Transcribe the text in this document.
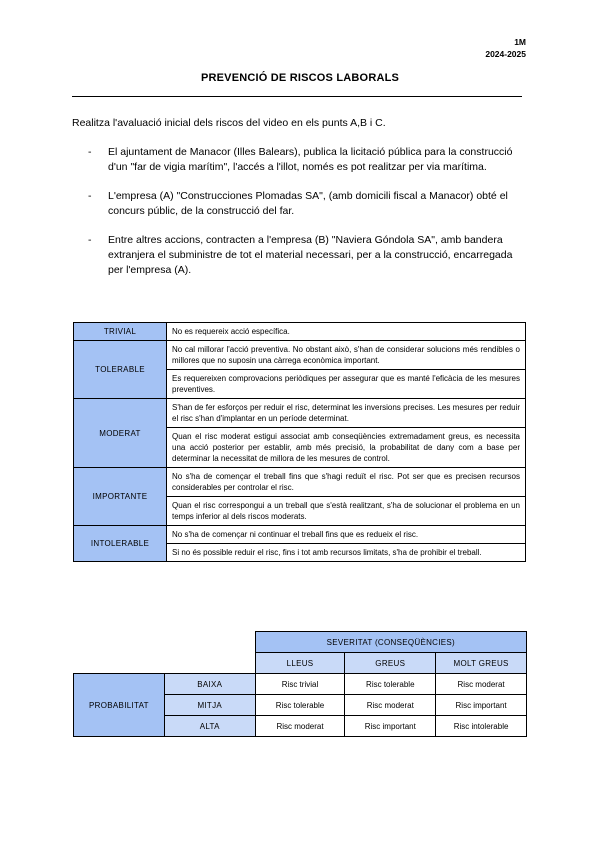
1M
2024-2025
PREVENCIÓ DE RISCOS LABORALS
Realitza l'avaluació inicial dels riscos del video en els punts A,B i C.
- El ajuntament de Manacor (Illes Balears), publica la licitació pública para la construcció d'un "far de vigia marítim", l'accés a l'illot, només es pot realitzar per via marítima.
- L'empresa (A) "Construcciones Plomadas SA", (amb domicili fiscal a Manacor) obté el concurs públic, de la construcció del far.
- Entre altres accions, contracten a l'empresa (B) "Naviera Góndola SA", amb bandera extranjera el subministre de tot el material necessari, per a la construcció, encarregada per l'empresa (A).
TRIVIAL	No es requereix acció específica.
TOLERABLE	No cal millorar l'acció preventiva. No obstant això, s'han de considerar solucions més rendibles o millores que no suposin una càrrega econòmica important.
	Es requereixen comprovacions periòdiques per assegurar que es manté l'eficàcia de les mesures preventives.
MODERAT	S'han de fer esforços per reduir el risc, determinat les inversions precises. Les mesures per reduir el risc s'han d'implantar en un període determinat.
	Quan el risc moderat estigui associat amb conseqüències extremadament greus, es necessita una acció posterior per establir, amb més precisió, la probabilitat de dany com a base per determinar la necessitat de millora de les mesures de control.
IMPORTANTE	No s'ha de començar el treball fins que s'hagi reduït el risc. Pot ser que es precisen recursos considerables per controlar el risc.
	Quan el risc correspongui a un treball que s'està realitzant, s'ha de solucionar el problema en un temps inferior al dels riscos moderats.
INTOLERABLE	No s'ha de començar ni continuar el treball fins que es redueix el risc.
	Si no és possible reduir el risc, fins i tot amb recursos limitats, s'ha de prohibir el treball.
		SEVERITAT (CONSEQÜÈNCIES)		
		LLEUS	GREUS	MOLT GREUS
PROBABILITAT	BAIXA	Risc trivial	Risc tolerable	Risc moderat
	MITJA	Risc tolerable	Risc moderat	Risc important
	ALTA	Risc moderat	Risc important	Risc intolerable
